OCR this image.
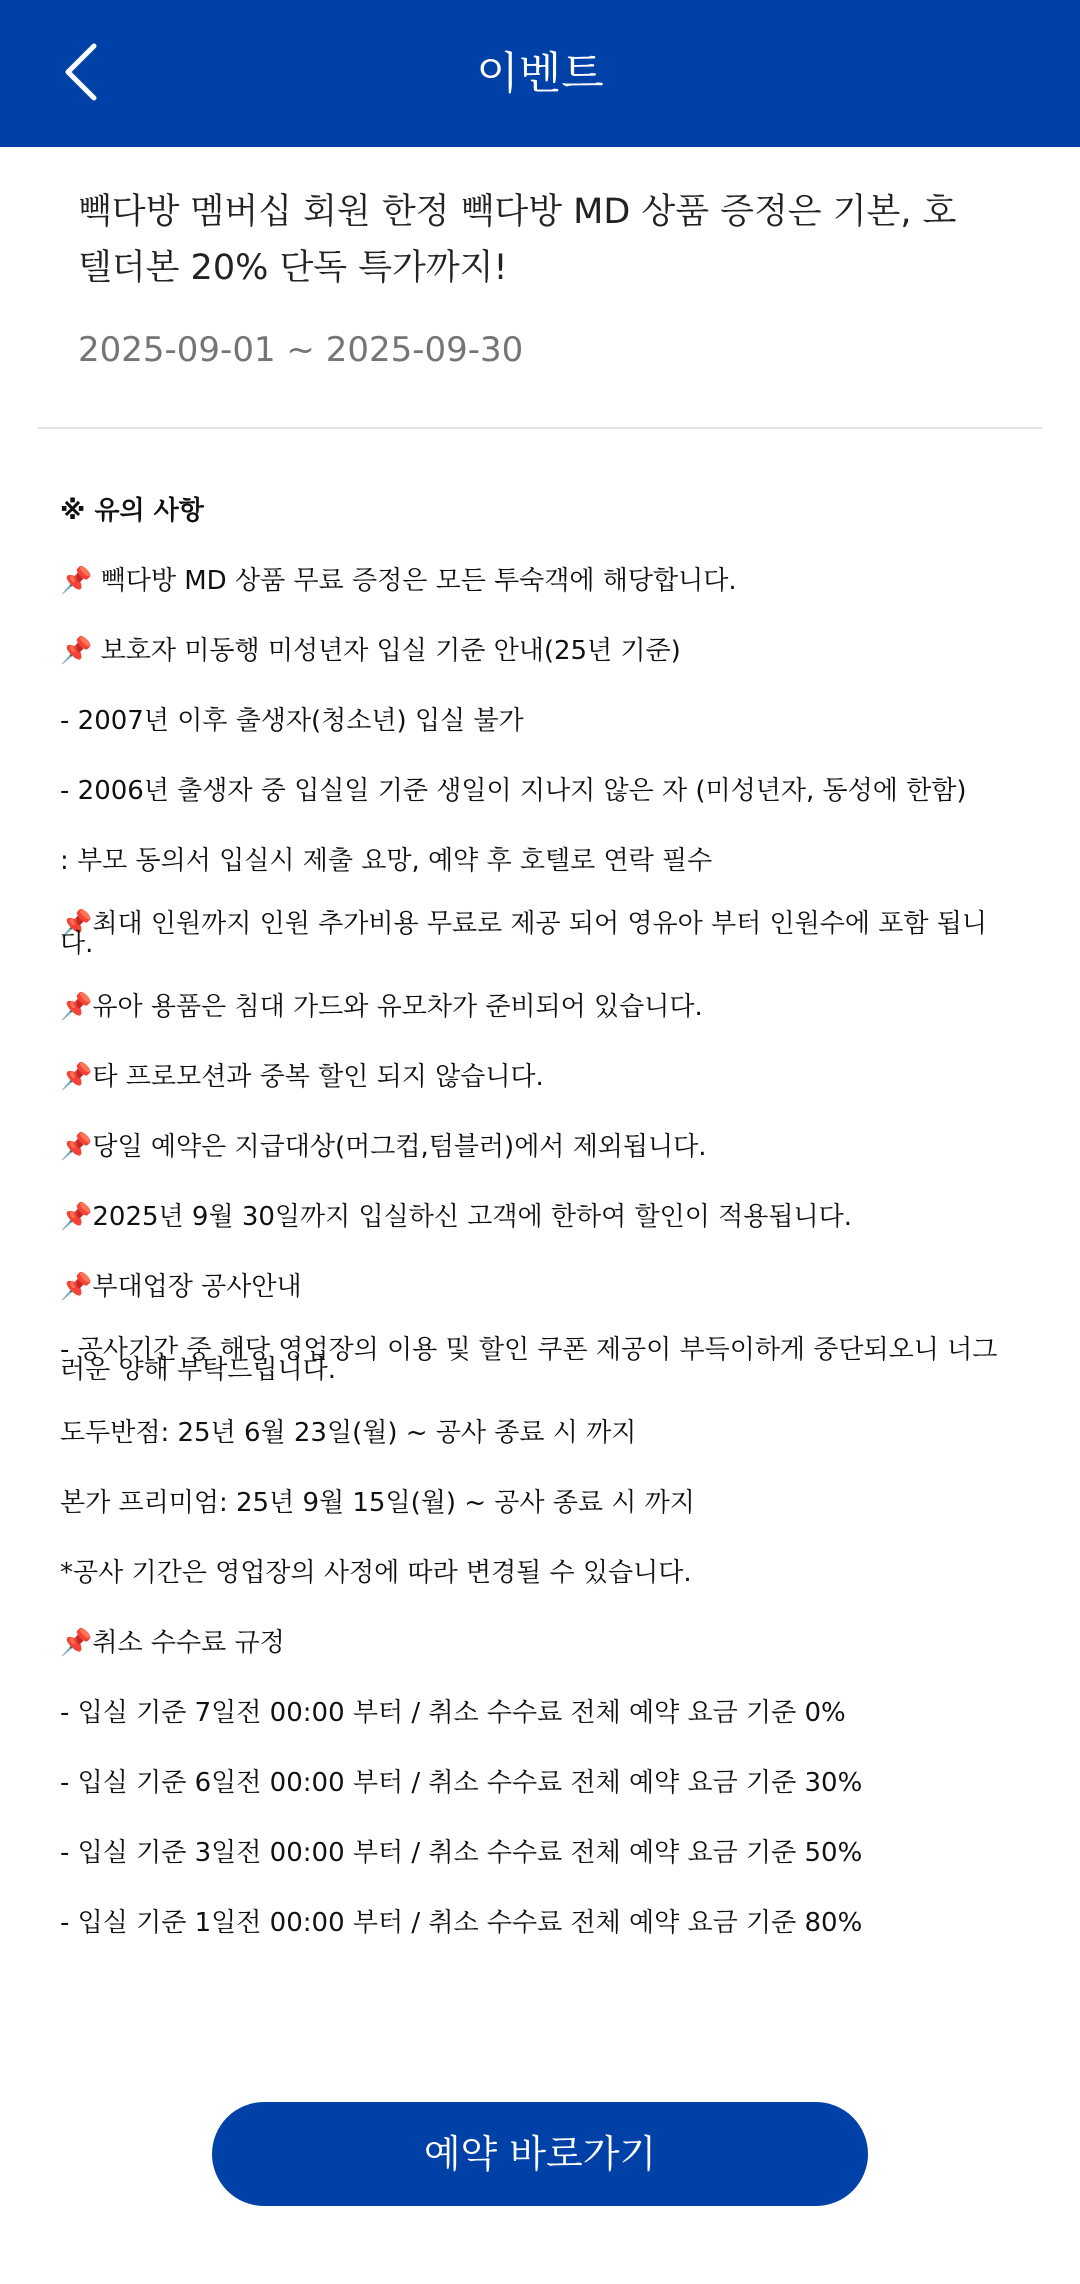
이벤트
빽다방 멤버십 회원 한정 빽다방 MD 상품 증정은 기본, 호텔더본 20% 단독 특가까지!
2025-09-01 ~ 2025-09-30
※ 유의 사항
📌 빽다방 MD 상품 무료 증정은 모든 투숙객에 해당합니다.
📌 보호자 미동행 미성년자 입실 기준 안내(25년 기준)
- 2007년 이후 출생자(청소년) 입실 불가
- 2006년 출생자 중 입실일 기준 생일이 지나지 않은 자 (미성년자, 동성에 한함)
: 부모 동의서 입실시 제출 요망, 예약 후 호텔로 연락 필수
📌최대 인원까지 인원 추가비용 무료로 제공 되어 영유아 부터 인원수에 포함 됩니다.
📌유아 용품은 침대 가드와 유모차가 준비되어 있습니다.
📌타 프로모션과 중복 할인 되지 않습니다.
📌당일 예약은 지급대상(머그컵,텀블러)에서 제외됩니다.
📌2025년 9월 30일까지 입실하신 고객에 한하여 할인이 적용됩니다.
📌부대업장 공사안내
- 공사기간 중 해당 영업장의 이용 및 할인 쿠폰 제공이 부득이하게 중단되오니 너그러운 양해 부탁드립니다.
도두반점: 25년 6월 23일(월) ~ 공사 종료 시 까지
본가 프리미엄: 25년 9월 15일(월) ~ 공사 종료 시 까지
*공사 기간은 영업장의 사정에 따라 변경될 수 있습니다.
📌취소 수수료 규정
- 입실 기준 7일전 00:00 부터 / 취소 수수료 전체 예약 요금 기준 0%
- 입실 기준 6일전 00:00 부터 / 취소 수수료 전체 예약 요금 기준 30%
- 입실 기준 3일전 00:00 부터 / 취소 수수료 전체 예약 요금 기준 50%
- 입실 기준 1일전 00:00 부터 / 취소 수수료 전체 예약 요금 기준 80%
예약 바로가기
